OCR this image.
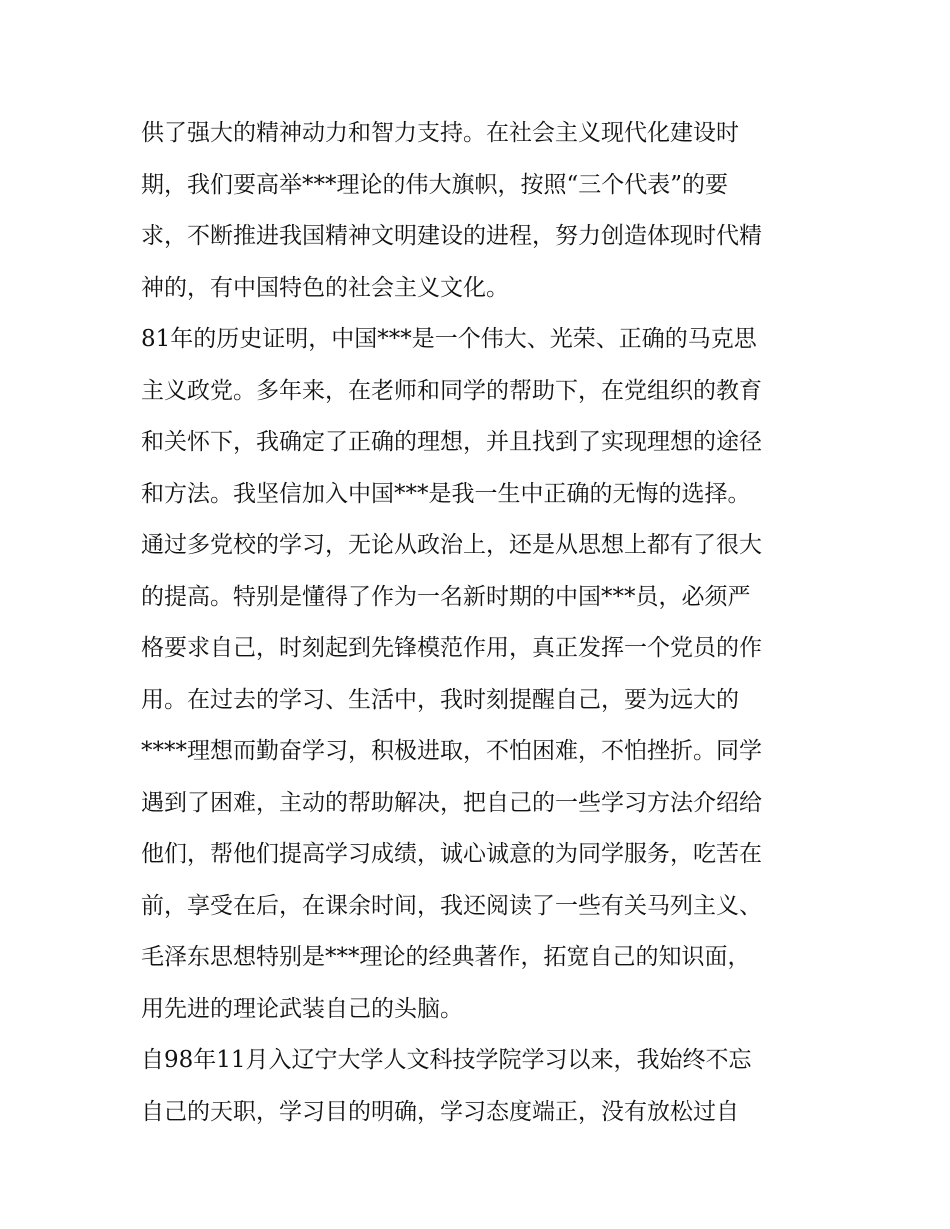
供了强大的精神动力和智力支持。在社会主义现代化建设时
期，我们要高举***理论的伟大旗帜，按照“三个代表”的要
求，不断推进我国精神文明建设的进程，努力创造体现时代精
神的，有中国特色的社会主义文化。
81年的历史证明，中国***是一个伟大、光荣、正确的马克思
主义政党。多年来，在老师和同学的帮助下，在党组织的教育
和关怀下，我确定了正确的理想，并且找到了实现理想的途径
和方法。我坚信加入中国***是我一生中正确的无悔的选择。
通过多党校的学习，无论从政治上，还是从思想上都有了很大
的提高。特别是懂得了作为一名新时期的中国***员，必须严
格要求自己，时刻起到先锋模范作用，真正发挥一个党员的作
用。在过去的学习、生活中，我时刻提醒自己，要为远大的
****理想而勤奋学习，积极进取，不怕困难，不怕挫折。同学
遇到了困难，主动的帮助解决，把自己的一些学习方法介绍给
他们，帮他们提高学习成绩，诚心诚意的为同学服务，吃苦在
前，享受在后，在课余时间，我还阅读了一些有关马列主义、
毛泽东思想特别是***理论的经典著作，拓宽自己的知识面，
用先进的理论武装自己的头脑。
自98年11月入辽宁大学人文科技学院学习以来，我始终不忘
自己的天职，学习目的明确，学习态度端正，没有放松过自
